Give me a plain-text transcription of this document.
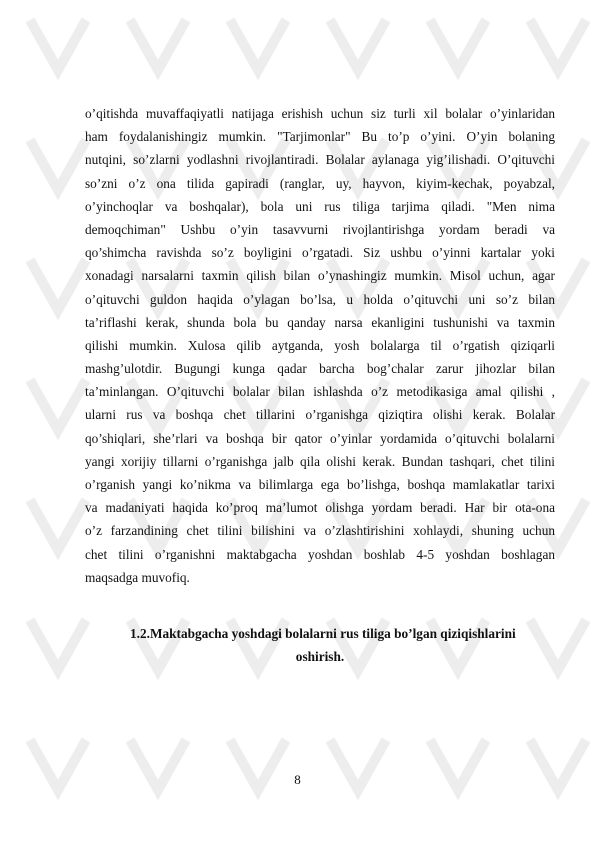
o’qitishda muvaffaqiyatli natijaga erishish uchun siz turli xil bolalar o’yinlaridan
ham foydalanishingiz mumkin. "Tarjimonlar" Bu to’p o’yini. O’yin bolaning
nutqini, so’zlarni yodlashni rivojlantiradi. Bolalar aylanaga yig’ilishadi. O’qituvchi
so’zni o’z ona tilida gapiradi (ranglar, uy, hayvon, kiyim-kechak, poyabzal,
o’yinchoqlar va boshqalar), bola uni rus tiliga tarjima qiladi. "Men nima
demoqchiman" Ushbu o’yin tasavvurni rivojlantirishga yordam beradi va
qo’shimcha ravishda so’z boyligini o’rgatadi. Siz ushbu o’yinni kartalar yoki
xonadagi narsalarni taxmin qilish bilan o’ynashingiz mumkin. Misol uchun, agar
o’qituvchi guldon haqida o’ylagan bo’lsa, u holda o’qituvchi uni so’z bilan
ta’riflashi kerak, shunda bola bu qanday narsa ekanligini tushunishi va taxmin
qilishi mumkin. Xulosa qilib aytganda, yosh bolalarga til o’rgatish qiziqarli
mashg’ulotdir. Bugungi kunga qadar barcha bog’chalar zarur jihozlar bilan
ta’minlangan. O’qituvchi bolalar bilan ishlashda o’z metodikasiga amal qilishi ,
ularni rus va boshqa chet tillarini o’rganishga qiziqtira olishi kerak. Bolalar
qo’shiqlari, she’rlari va boshqa bir qator o’yinlar yordamida o’qituvchi bolalarni
yangi xorijiy tillarni o’rganishga jalb qila olishi kerak. Bundan tashqari, chet tilini
o’rganish yangi ko’nikma va bilimlarga ega bo’lishga, boshqa mamlakatlar tarixi
va madaniyati haqida ko’proq ma’lumot olishga yordam beradi. Har bir ota-ona
o’z farzandining chet tilini bilishini va o’zlashtirishini xohlaydi, shuning uchun
chet tilini o’rganishni maktabgacha yoshdan boshlab 4-5 yoshdan boshlagan
maqsadga muvofiq.
1.2.Maktabgacha yoshdagi bolalarni rus tiliga bo’lgan qiziqishlarini
oshirish.
8
